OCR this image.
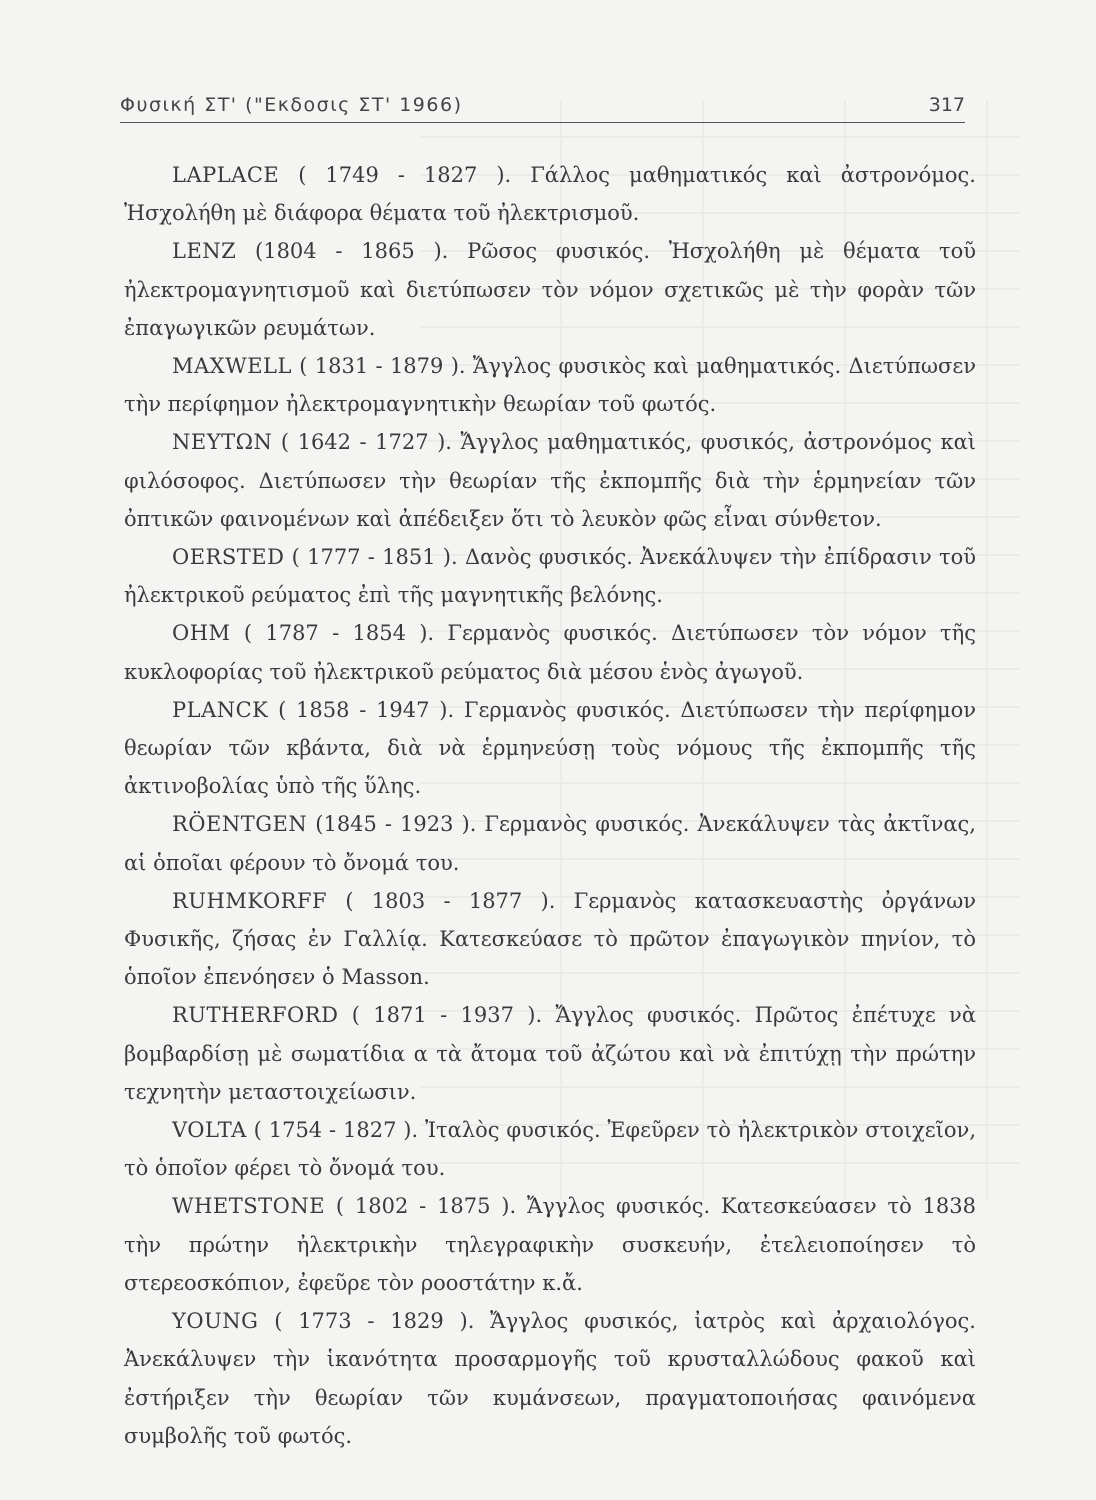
Φυσική ΣΤ' ("Εκδοσις ΣΤ' 1966)	317

LAPLACE ( 1749 - 1827 ). Γάλλος μαθηματικός καὶ ἀστρονόμος. Ἠσχολήθη μὲ διάφορα θέματα τοῦ ἠλεκτρισμοῦ.

LENZ (1804 - 1865 ). Ρῶσος φυσικός. Ἠσχολήθη μὲ θέματα τοῦ ἠλεκτρομαγνητισμοῦ καὶ διετύπωσεν τὸν νόμον σχετικῶς μὲ τὴν φορὰν τῶν ἐπαγωγικῶν ρευμάτων.

MAXWELL ( 1831 - 1879 ). Ἄγγλος φυσικὸς καὶ μαθηματικός. Διετύπωσεν τὴν περίφημον ἠλεκτρομαγνητικὴν θεωρίαν τοῦ φωτός.

ΝΕΥΤΩΝ ( 1642 - 1727 ). Ἄγγλος μαθηματικός, φυσικός, ἀστρονόμος καὶ φιλόσοφος. Διετύπωσεν τὴν θεωρίαν τῆς ἐκπομπῆς διὰ τὴν ἑρμηνείαν τῶν ὀπτικῶν φαινομένων καὶ ἀπέδειξεν ὅτι τὸ λευκὸν φῶς εἶναι σύνθετον.

OERSTED ( 1777 - 1851 ). Δανὸς φυσικός. Ἀνεκάλυψεν τὴν ἐπίδρασιν τοῦ ἠλεκτρικοῦ ρεύματος ἐπὶ τῆς μαγνητικῆς βελόνης.

OHM ( 1787 - 1854 ). Γερμανὸς φυσικός. Διετύπωσεν τὸν νόμον τῆς κυκλοφορίας τοῦ ἠλεκτρικοῦ ρεύματος διὰ μέσου ἑνὸς ἀγωγοῦ.

PLANCK ( 1858 - 1947 ). Γερμανὸς φυσικός. Διετύπωσεν τὴν περίφημον θεωρίαν τῶν κβάντα, διὰ νὰ ἑρμηνεύσῃ τοὺς νόμους τῆς ἐκπομπῆς τῆς ἀκτινοβολίας ὑπὸ τῆς ὕλης.

RÖENTGEN (1845 - 1923 ). Γερμανὸς φυσικός. Ἀνεκάλυψεν τὰς ἀκτῖνας, αἱ ὁποῖαι φέρουν τὸ ὄνομά του.

RUHMKORFF ( 1803 - 1877 ). Γερμανὸς κατασκευαστὴς ὀργάνων Φυσικῆς, ζήσας ἐν Γαλλίᾳ. Κατεσκεύασε τὸ πρῶτον ἐπαγωγικὸν πηνίον, τὸ ὁποῖον ἐπενόησεν ὁ Masson.

RUTHERFORD ( 1871 - 1937 ). Ἄγγλος φυσικός. Πρῶτος ἐπέτυχε νὰ βομβαρδίσῃ μὲ σωματίδια α τὰ ἄτομα τοῦ ἀζώτου καὶ νὰ ἐπιτύχῃ τὴν πρώτην τεχνητὴν μεταστοιχείωσιν.

VOLTA ( 1754 - 1827 ). Ἰταλὸς φυσικός. Ἐφεῦρεν τὸ ἠλεκτρικὸν στοιχεῖον, τὸ ὁποῖον φέρει τὸ ὄνομά του.

WHETSTONE ( 1802 - 1875 ). Ἄγγλος φυσικός. Κατεσκεύασεν τὸ 1838 τὴν πρώτην ἠλεκτρικὴν τηλεγραφικὴν συσκευήν, ἐτελειοποίησεν τὸ στερεοσκόπιον, ἐφεῦρε τὸν ροοστάτην κ.ἄ.

YOUNG ( 1773 - 1829 ). Ἄγγλος φυσικός, ἰατρὸς καὶ ἀρχαιολόγος. Ἀνεκάλυψεν τὴν ἱκανότητα προσαρμογῆς τοῦ κρυσταλλώδους φακοῦ καὶ ἐστήριξεν τὴν θεωρίαν τῶν κυμάνσεων, πραγματοποιήσας φαινόμενα συμβολῆς τοῦ φωτός.
